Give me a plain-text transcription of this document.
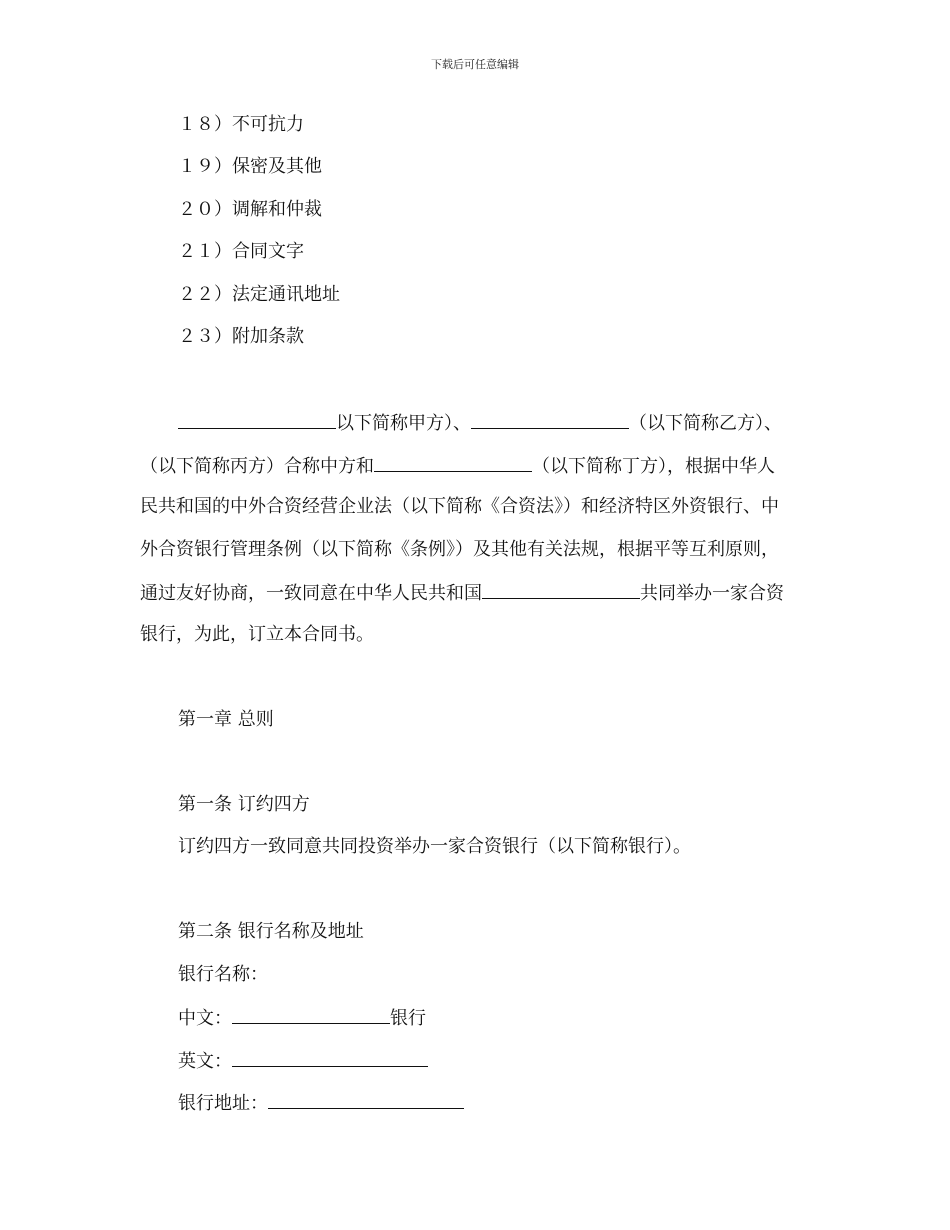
下载后可任意编辑
１８）不可抗力
１９）保密及其他
２０）调解和仲裁
２１）合同文字
２２）法定通讯地址
２３）附加条款
以下简称甲方）、	（以下简称乙方）、
（以下简称丙方）合称中方和	（以下简称丁方），根据中华人
民共和国的中外合资经营企业法（以下简称《合资法》）和经济特区外资银行、中
外合资银行管理条例（以下简称《条例》）及其他有关法规，根据平等互利原则，
通过友好协商，一致同意在中华人民共和国	共同举办一家合资
银行，为此，订立本合同书。
第一章 总则
第一条 订约四方
订约四方一致同意共同投资举办一家合资银行（以下简称银行）。
第二条 银行名称及地址
银行名称：
中文：	银行
英文：
银行地址：
